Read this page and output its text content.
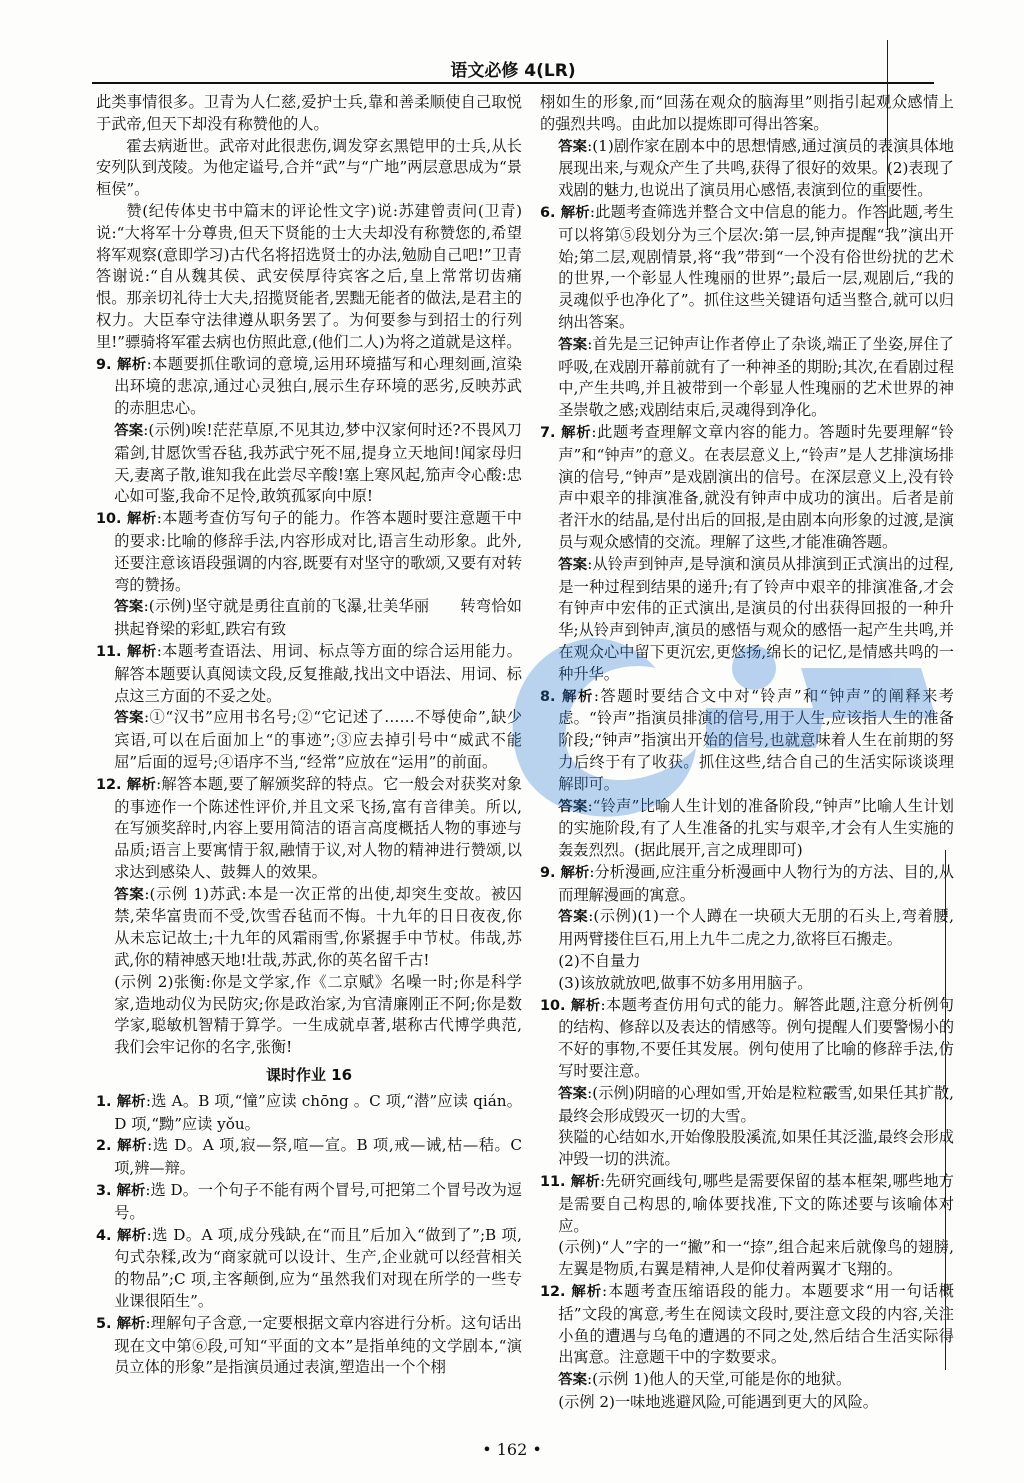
语文必修 4(LR)
此类事情很多。卫青为人仁慈,爱护士兵,靠和善柔顺使自己取悦于武帝,但天下却没有称赞他的人。
霍去病逝世。武帝对此很悲伤,调发穿玄黑铠甲的士兵,从长安列队到茂陵。为他定谥号,合并“武”与“广地”两层意思成为“景桓侯”。
赞(纪传体史书中篇末的评论性文字)说:苏建曾责问(卫青)说:“大将军十分尊贵,但天下贤能的士大夫却没有称赞您的,希望将军观察(意即学习)古代名将招选贤士的办法,勉励自己吧!”卫青答谢说:“自从魏其侯、武安侯厚待宾客之后,皇上常常切齿痛恨。那亲切礼待士大夫,招揽贤能者,罢黜无能者的做法,是君主的权力。大臣奉守法律遵从职务罢了。为何要参与到招士的行列里!”骠骑将军霍去病也仿照此意,(他们二人)为将之道就是这样。
9. 解析:本题要抓住歌词的意境,运用环境描写和心理刻画,渲染出环境的悲凉,通过心灵独白,展示生存环境的恶劣,反映苏武的赤胆忠心。
答案:(示例)唉!茫茫草原,不见其边,梦中汉家何时还?不畏风刀霜剑,甘愿饮雪吞毡,我苏武宁死不屈,提身立天地间!闻家母归天,妻离子散,谁知我在此尝尽辛酸!塞上寒风起,笳声令心酸:忠心如可鉴,我命不足怜,敢筑孤冢向中原!
10. 解析:本题考查仿写句子的能力。作答本题时要注意题干中的要求:比喻的修辞手法,内容形成对比,语言生动形象。此外,还要注意该语段强调的内容,既要有对坚守的歌颂,又要有对转弯的赞扬。
答案:(示例)坚守就是勇往直前的飞瀑,壮美华丽　　转弯恰如拱起脊梁的彩虹,跌宕有致
11. 解析:本题考查语法、用词、标点等方面的综合运用能力。解答本题要认真阅读文段,反复推敲,找出文中语法、用词、标点这三方面的不妥之处。
答案:①“汉书”应用书名号;②“它记述了……不辱使命”,缺少宾语,可以在后面加上“的事迹”;③应去掉引号中“威武不能屈”后面的逗号;④语序不当,“经常”应放在“运用”的前面。
12. 解析:解答本题,要了解颁奖辞的特点。它一般会对获奖对象的事迹作一个陈述性评价,并且文采飞扬,富有音律美。所以,在写颁奖辞时,内容上要用简洁的语言高度概括人物的事迹与品质;语言上要寓情于叙,融情于议,对人物的精神进行赞颂,以求达到感染人、鼓舞人的效果。
答案:(示例 1)苏武:本是一次正常的出使,却突生变故。被囚禁,荣华富贵而不受,饮雪吞毡而不悔。十九年的日日夜夜,你从未忘记故土;十九年的风霜雨雪,你紧握手中节杖。伟哉,苏武,你的精神感天地!壮哉,苏武,你的英名留千古!
(示例 2)张衡:你是文学家,作《二京赋》名噪一时;你是科学家,造地动仪为民防灾;你是政治家,为官清廉刚正不阿;你是数学家,聪敏机智精于算学。一生成就卓著,堪称古代博学典范,我们会牢记你的名字,张衡!
课时作业 16
1. 解析:选 A。B 项,“憧”应读 chōng 。C 项,“潜”应读 qián。D 项,“黝”应读 yǒu。
2. 解析:选 D。A 项,寂—祭,喧—宣。B 项,戒—诫,枯—秸。C 项,辨—辩。
3. 解析:选 D。一个句子不能有两个冒号,可把第二个冒号改为逗号。
4. 解析:选 D。A 项,成分残缺,在“而且”后加入“做到了”;B 项,句式杂糅,改为“商家就可以设计、生产,企业就可以经营相关的物品”;C 项,主客颠倒,应为“虽然我们对现在所学的一些专业课很陌生”。
5. 解析:理解句子含意,一定要根据文章内容进行分析。这句话出现在文中第⑥段,可知“平面的文本”是指单纯的文学剧本,“演员立体的形象”是指演员通过表演,塑造出一个个栩
栩如生的形象,而“回荡在观众的脑海里”则指引起观众感情上的强烈共鸣。由此加以提炼即可得出答案。
答案:(1)剧作家在剧本中的思想情感,通过演员的表演具体地展现出来,与观众产生了共鸣,获得了很好的效果。(2)表现了戏剧的魅力,也说出了演员用心感悟,表演到位的重要性。
6. 解析:此题考查筛选并整合文中信息的能力。作答此题,考生可以将第⑤段划分为三个层次:第一层,钟声提醒“我”演出开始;第二层,观剧情景,将“我”带到“一个没有俗世纷扰的艺术的世界,一个彰显人性瑰丽的世界”;最后一层,观剧后,“我的灵魂似乎也净化了”。抓住这些关键语句适当整合,就可以归纳出答案。
答案:首先是三记钟声让作者停止了杂谈,端正了坐姿,屏住了呼吸,在戏剧开幕前就有了一种神圣的期盼;其次,在看剧过程中,产生共鸣,并且被带到一个彰显人性瑰丽的艺术世界的神圣崇敬之感;戏剧结束后,灵魂得到净化。
7. 解析:此题考查理解文章内容的能力。答题时先要理解“铃声”和“钟声”的意义。在表层意义上,“铃声”是人艺排演场排演的信号,“钟声”是戏剧演出的信号。在深层意义上,没有铃声中艰辛的排演准备,就没有钟声中成功的演出。后者是前者汗水的结晶,是付出后的回报,是由剧本向形象的过渡,是演员与观众感情的交流。理解了这些,才能准确答题。
答案:从铃声到钟声,是导演和演员从排演到正式演出的过程,是一种过程到结果的递升;有了铃声中艰辛的排演准备,才会有钟声中宏伟的正式演出,是演员的付出获得回报的一种升华;从铃声到钟声,演员的感悟与观众的感悟一起产生共鸣,并在观众心中留下更沉宏,更悠扬,绵长的记忆,是情感共鸣的一种升华。
8. 解析:答题时要结合文中对“铃声”和“钟声”的阐释来考虑。“铃声”指演员排演的信号,用于人生,应该指人生的准备阶段;“钟声”指演出开始的信号,也就意味着人生在前期的努力后终于有了收获。抓住这些,结合自己的生活实际谈谈理解即可。
答案:“铃声”比喻人生计划的准备阶段,“钟声”比喻人生计划的实施阶段,有了人生准备的扎实与艰辛,才会有人生实施的轰轰烈烈。(据此展开,言之成理即可)
9. 解析:分析漫画,应注重分析漫画中人物行为的方法、目的,从而理解漫画的寓意。
答案:(示例)(1)一个人蹲在一块硕大无朋的石头上,弯着腰,用两臂搂住巨石,用上九牛二虎之力,欲将巨石搬走。
(2)不自量力
(3)该放就放吧,做事不妨多用用脑子。
10. 解析:本题考查仿用句式的能力。解答此题,注意分析例句的结构、修辞以及表达的情感等。例句提醒人们要警惕小的不好的事物,不要任其发展。例句使用了比喻的修辞手法,仿写时要注意。
答案:(示例)阴暗的心理如雪,开始是粒粒霰雪,如果任其扩散,最终会形成毁灭一切的大雪。
狭隘的心结如水,开始像股股溪流,如果任其泛滥,最终会形成冲毁一切的洪流。
11. 解析:先研究画线句,哪些是需要保留的基本框架,哪些地方是需要自己构思的,喻体要找准,下文的陈述要与该喻体对应。
(示例)“人”字的一“撇”和一“捺”,组合起来后就像鸟的翅膀,左翼是物质,右翼是精神,人是仰仗着两翼才飞翔的。
12. 解析:本题考查压缩语段的能力。本题要求“用一句话概括”文段的寓意,考生在阅读文段时,要注意文段的内容,关注小鱼的遭遇与乌龟的遭遇的不同之处,然后结合生活实际得出寓意。注意题干中的字数要求。
答案:(示例 1)他人的天堂,可能是你的地狱。
(示例 2)一味地逃避风险,可能遇到更大的风险。
• 162 •
